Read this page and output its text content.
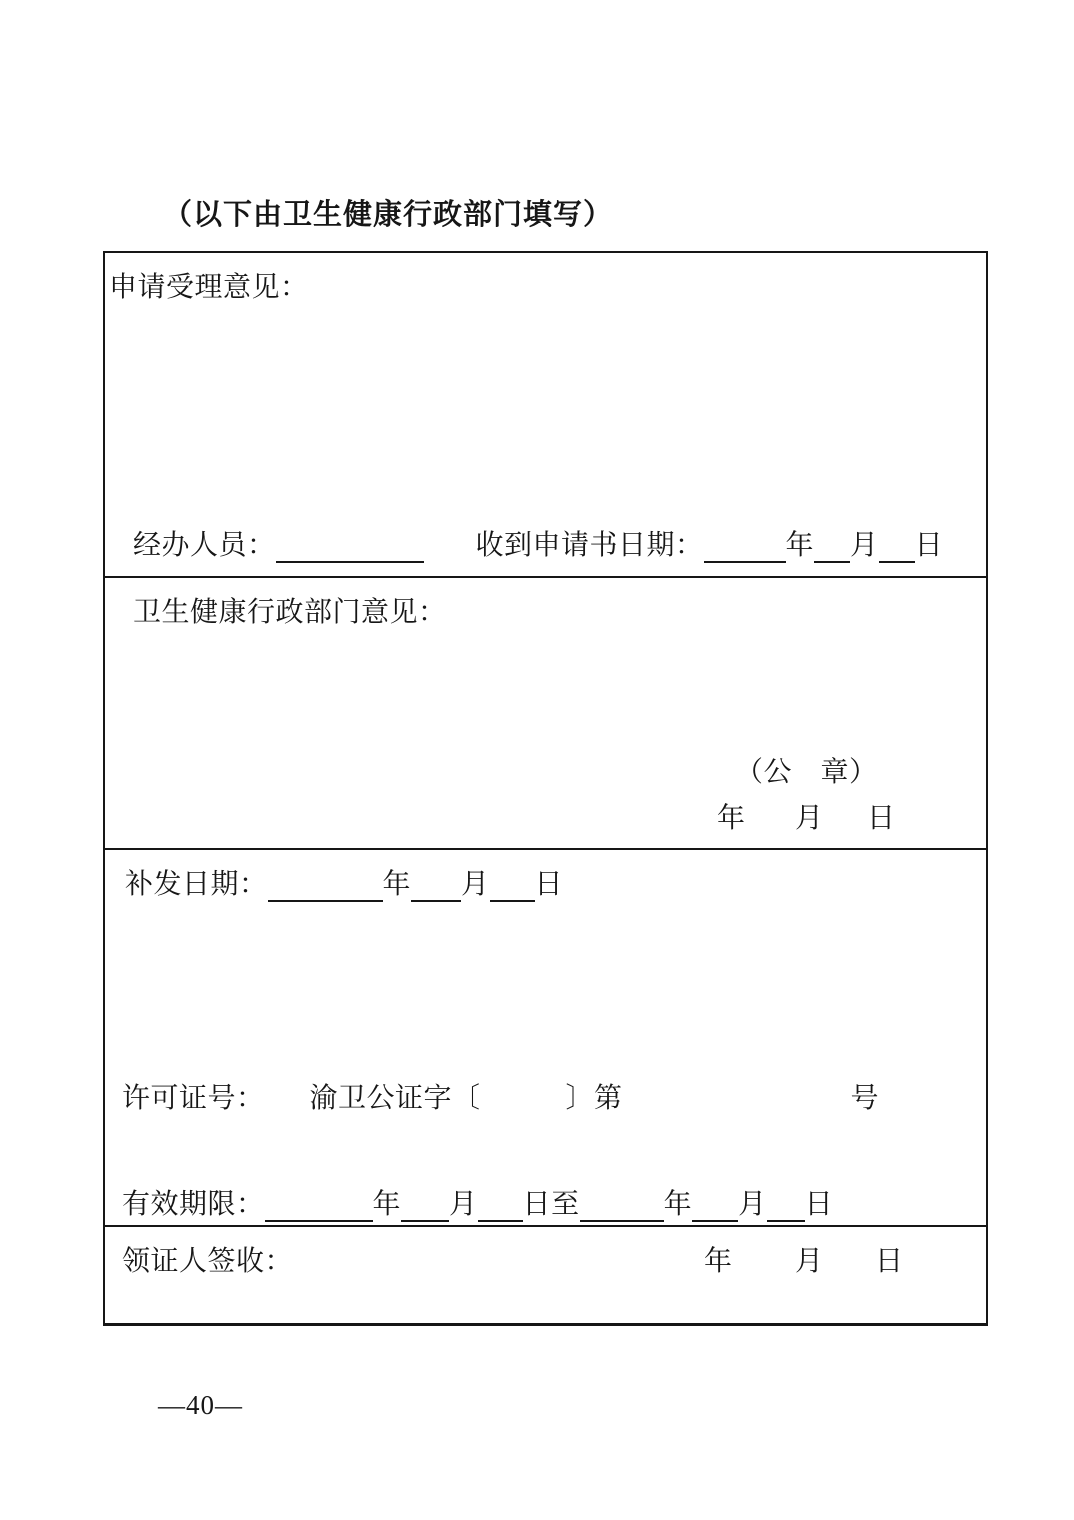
（以下由卫生健康行政部门填写）
申请受理意见：
经办人员：	收到申请书日期：	年 月 日
卫生健康行政部门意见：
（公　章）
年 月 日
补发日期：	年 月 日
许可证号： 渝卫公证字〔	〕第	号
有效期限：	年 月 日至	年 月 日
领证人签收：	年 月 日
—40—
